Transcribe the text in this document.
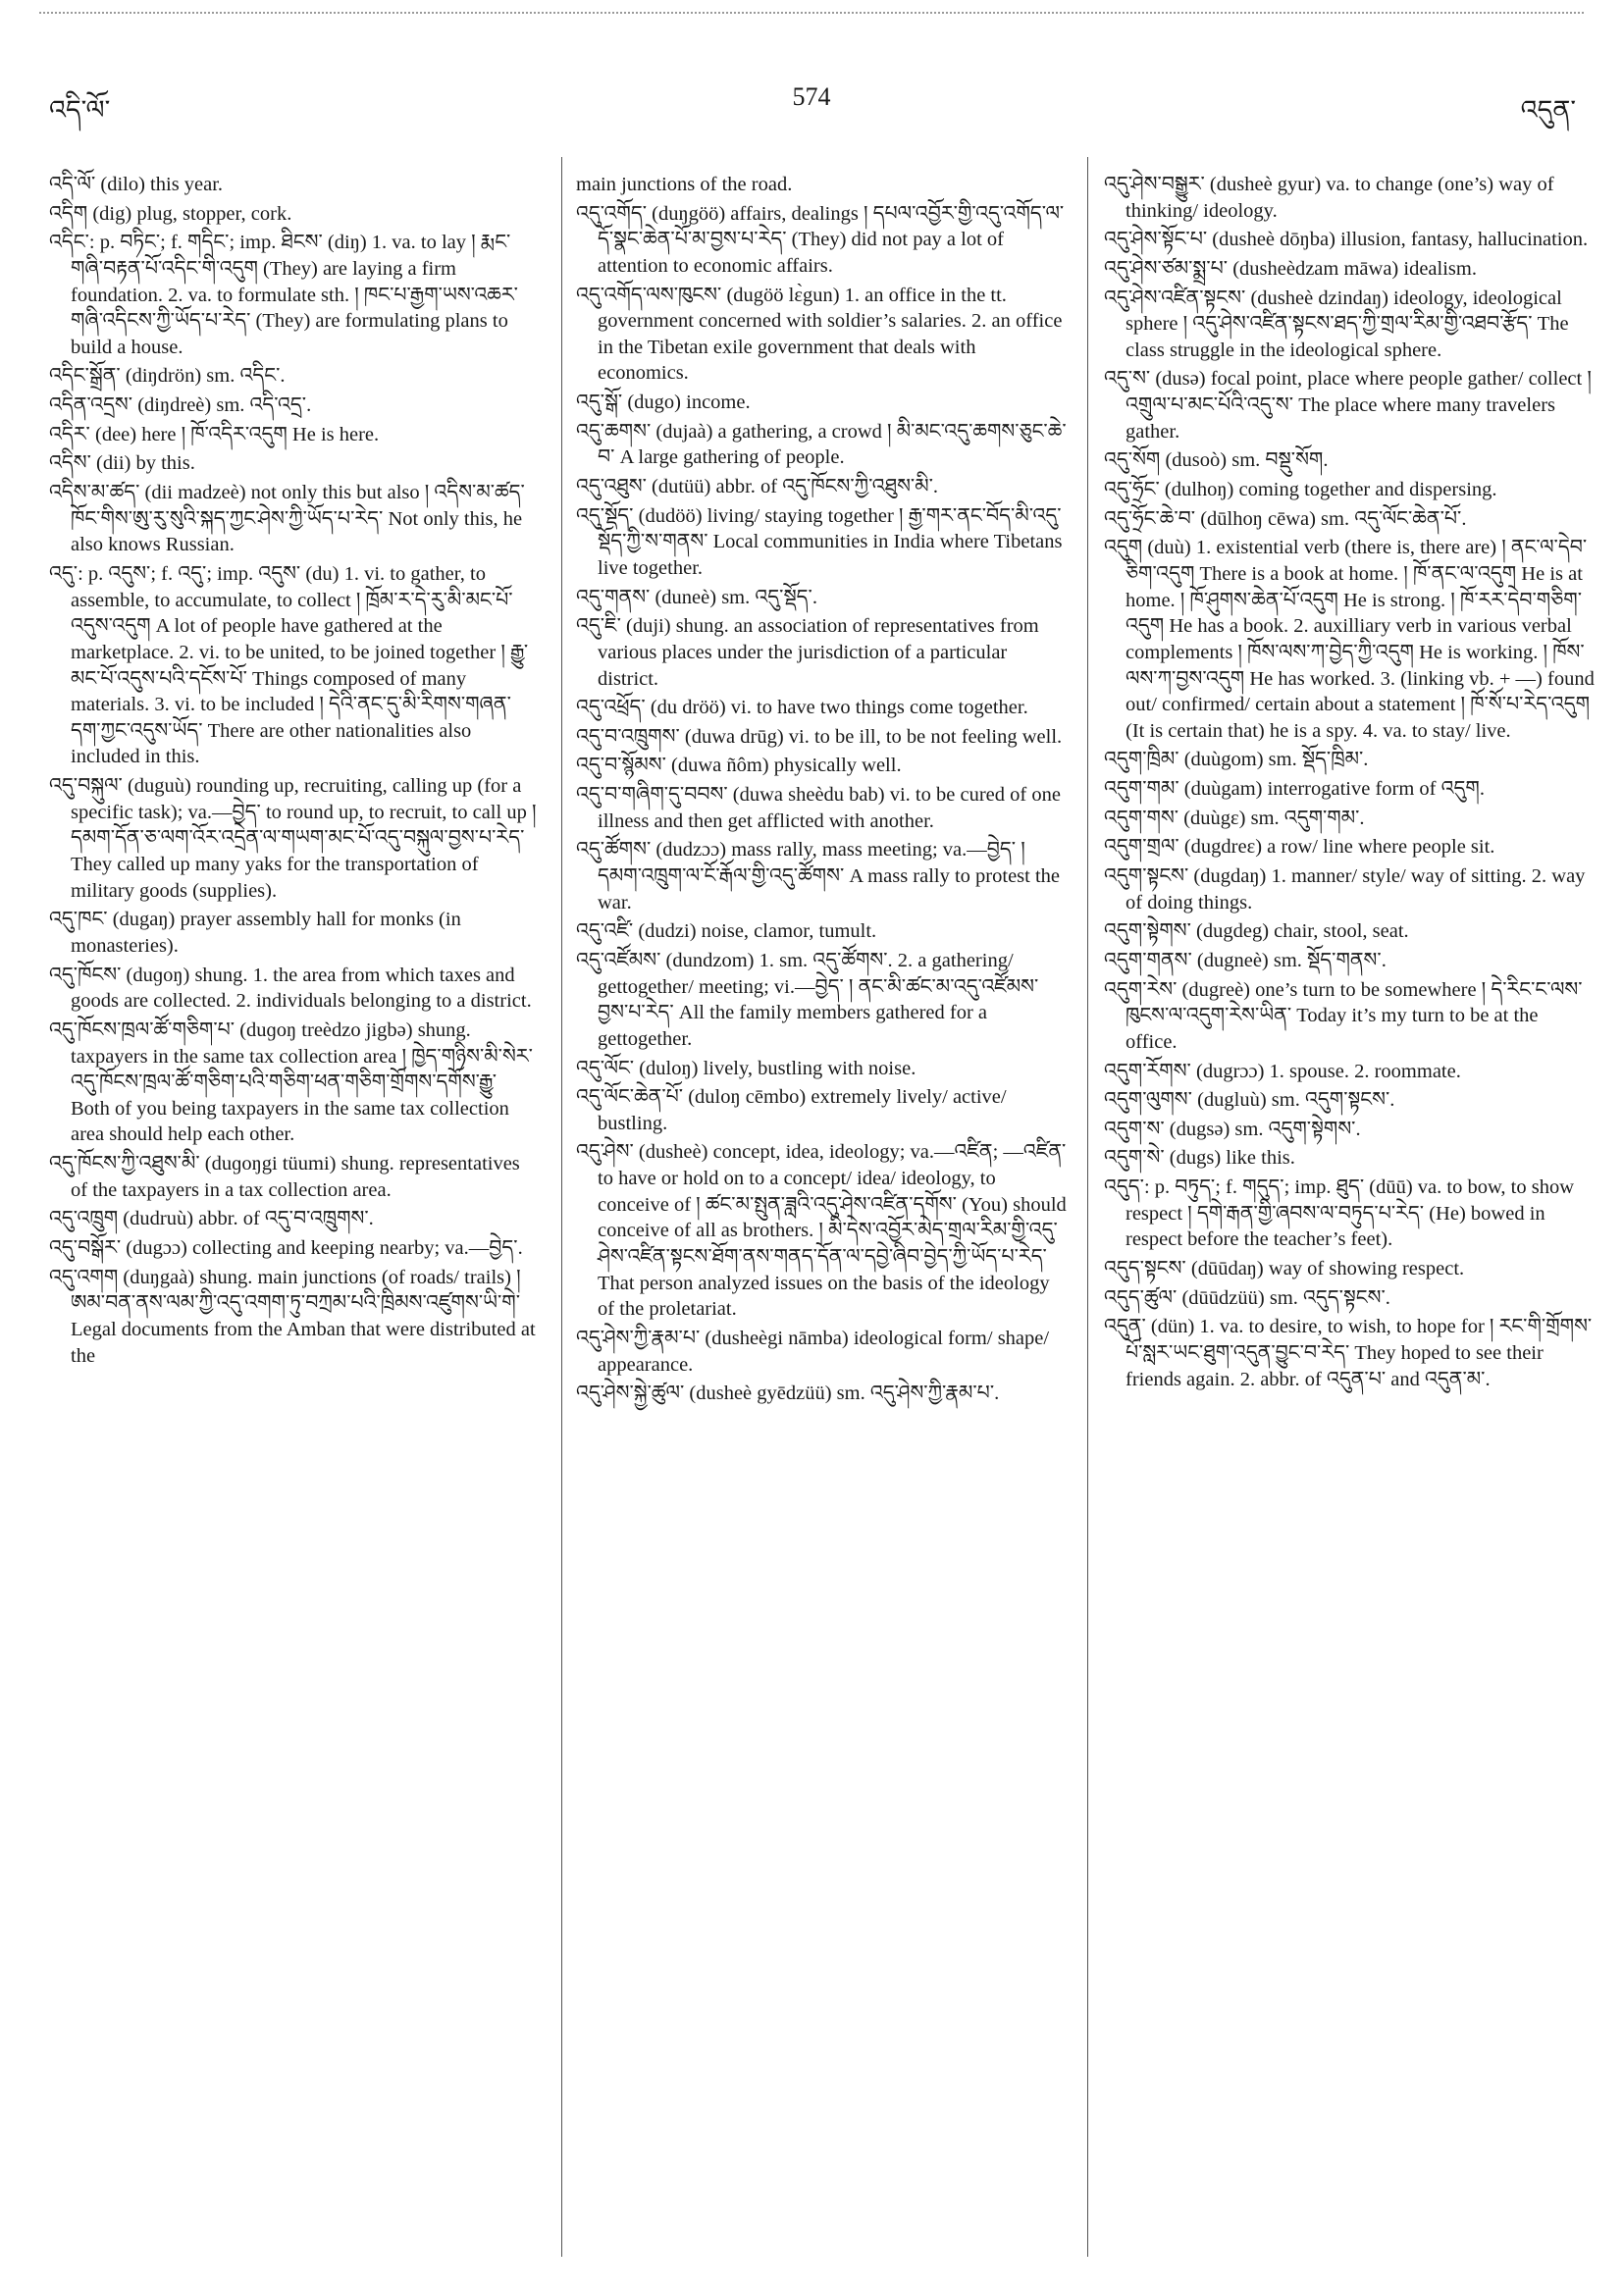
འདི་ལོ་	574	འདུན་

འདི་ལོ་ (dilo) this year.

འདིག (dig) plug, stopper, cork.

འདིང་: p. བཏིང་; f. གདིང་; imp. ཐིངས་ (diŋ) 1. va. to lay ། རྨང་གཞི་བརྟན་པོ་འདིང་གི་འདུག (They) are laying a firm foundation. 2. va. to formulate sth. ། ཁང་པ་རྒྱག་ཡས་འཆར་གཞི་འདིངས་ཀྱི་ཡོད་པ་རེད་ (They) are formulating plans to build a house.

འདིང་སྒྲོན་ (diŋdrön) sm. འདིང་.

འདིན་འདྲས་ (diŋdreè) sm. འདི་འདྲ་.

འདིར་ (dee) here ། ཁོ་འདིར་འདུག He is here.

འདིས་ (dii) by this.

འདིས་མ་ཚད་ (dii madzeè) not only this but also ། འདིས་མ་ཚད་ ཁོང་གིས་ཨུ་རུ་སུའི་སྐད་ཀྱང་ཤེས་ཀྱི་ཡོད་པ་རེད་ Not only this, he also knows Russian.

འདུ་: p. འདུས་; f. འདུ་; imp. འདུས་ (du) 1. vi. to gather, to assemble, to accumulate, to collect ། ཁྲོམ་ར་དེ་རུ་མི་མང་པོ་འདུས་འདུག A lot of people have gathered at the marketplace. 2. vi. to be united, to be joined together ། རྒྱུ་མང་པོ་འདུས་པའི་དངོས་པོ་ Things composed of many materials. 3. vi. to be included ། དེའི་ནང་དུ་མི་རིགས་གཞན་དག་ཀྱང་འདུས་ཡོད་ There are other nationalities also included in this.

འདུ་བསྐུལ་ (duguù) rounding up, recruiting, calling up (for a specific task); va.—བྱེད་ to round up, to recruit, to call up ། དམག་དོན་ཅ་ལག་འོར་འདྲེན་ལ་གཡག་མང་པོ་འདུ་བསྐུལ་བྱས་པ་རེད་ They called up many yaks for the transportation of military goods (supplies).

འདུ་ཁང་ (dugaŋ) prayer assembly hall for monks (in monasteries).

འདུ་ཁོངས་ (duɡoŋ) shung. 1. the area from which taxes and goods are collected. 2. individuals belonging to a district.

འདུ་ཁོངས་ཁྲལ་ཚོ་གཅིག་པ་ (duɡoŋ treèdzo jigbə) shung. taxpayers in the same tax collection area ། ཁྱེད་གཉིས་མི་སེར་འདུ་ཁོངས་ཁྲལ་ཚོ་གཅིག་པའི་གཅིག་ཕན་གཅིག་གྲོགས་དགོས་རྒྱུ་ Both of you being taxpayers in the same tax collection area should help each other.

འདུ་ཁོངས་ཀྱི་འཐུས་མི་ (duɡoŋgi tüumi) shung. representatives of the taxpayers in a tax collection area.

འདུ་འཁྲུག (dudruù) abbr. of འདུ་བ་འཁྲུགས་.

འདུ་བསྒོར་ (dugɔɔ) collecting and keeping nearby; va.—བྱེད་.

འདུ་འགག (duŋgaà) shung. main junctions (of roads/ trails) ། ཨམ་བན་ནས་ལམ་ཀྱི་འདུ་འགག་ཏུ་བཀྲམ་པའི་ཁྲིམས་འཛུགས་ཡི་གེ་ Legal documents from the Amban that were distributed at the

main junctions of the road.

འདུ་འགོད་ (duŋgöö) affairs, dealings ། དཔལ་འབྱོར་གྱི་འདུ་འགོད་ལ་དོ་སྣང་ཆེན་པོ་མ་བྱས་པ་རེད་ (They) did not pay a lot of attention to economic affairs.

འདུ་འགོད་ལས་ཁུངས་ (dugöö lɛ̀gun) 1. an office in the tt. government concerned with soldier’s salaries. 2. an office in the Tibetan exile government that deals with economics.

འདུ་སྒོ་ (dugo) income.

འདུ་ཆགས་ (dujaà) a gathering, a crowd ། མི་མང་འདུ་ཆགས་ཅུང་ཆེ་བ་ A large gathering of people.

འདུ་འཐུས་ (dutüü) abbr. of འདུ་ཁོངས་ཀྱི་འཐུས་མི་.

འདུ་སྡོད་ (dudöö) living/ staying together ། རྒྱ་གར་ནང་བོད་མི་འདུ་སྡོད་ཀྱི་ས་གནས་ Local communities in India where Tibetans live together.

འདུ་གནས་ (duneè) sm. འདུ་སྡོད་.

འདུ་ཇི་ (duji) shung. an association of representatives from various places under the jurisdiction of a particular district.

འདུ་འཕྲོད་ (du dröö) vi. to have two things come together.

འདུ་བ་འཁྲུགས་ (duwa drūg) vi. to be ill, to be not feeling well.

འདུ་བ་སྙོམས་ (duwa ñôm) physically well.

འདུ་བ་གཞིག་དུ་བབས་ (duwa sheèdu bab) vi. to be cured of one illness and then get afflicted with another.

འདུ་ཚོགས་ (dudzɔɔ) mass rally, mass meeting; va.—བྱེད་ ། དམག་འཁྲུག་ལ་ངོ་རྒོལ་གྱི་འདུ་ཚོགས་ A mass rally to protest the war.

འདུ་འཛི་ (dudzi) noise, clamor, tumult.

འདུ་འཛོམས་ (dundzom) 1. sm. འདུ་ཚོགས་. 2. a gathering/ gettogether/ meeting; vi.—བྱེད་ ། ནང་མི་ཚང་མ་འདུ་འཛོམས་བྱས་པ་རེད་ All the family members gathered for a gettogether.

འདུ་ལོང་ (duloŋ) lively, bustling with noise.

འདུ་ལོང་ཆེན་པོ་ (duloŋ cēmbo) extremely lively/ active/ bustling.

འདུ་ཤེས་ (dusheè) concept, idea, ideology; va.—འཛིན; —འཛིན་ to have or hold on to a concept/ idea/ ideology, to conceive of ། ཚང་མ་སྤུན་ཟླའི་འདུ་ཤེས་འཛིན་དགོས་ (You) should conceive of all as brothers. ། མི་དེས་འབྱོར་མེད་གྲལ་རིམ་གྱི་འདུ་ཤེས་འཛིན་སྟངས་ཐོག་ནས་གནད་དོན་ལ་དབྱེ་ཞིབ་བྱེད་ཀྱི་ཡོད་པ་རེད་ That person analyzed issues on the basis of the ideology of the proletariat.

འདུ་ཤེས་ཀྱི་རྣམ་པ་ (dusheègi nāmba) ideological form/ shape/ appearance.

འདུ་ཤེས་སྐྱེ་ཚུལ་ (dusheè gyēdzüü) sm. འདུ་ཤེས་ཀྱི་རྣམ་པ་.

འདུ་ཤེས་བསྒྱུར་ (dusheè gyur) va. to change (one’s) way of thinking/ ideology.

འདུ་ཤེས་སྟོང་པ་ (dusheè dōŋba) illusion, fantasy, hallucination.

འདུ་ཤེས་ཙམ་སྨྲ་པ་ (dusheèdzam māwa) idealism.

འདུ་ཤེས་འཛིན་སྟངས་ (dusheè dzindaŋ) ideology, ideological sphere ། འདུ་ཤེས་འཛིན་སྟངས་ཐད་ཀྱི་གྲལ་རིམ་གྱི་འཐབ་རྩོད་ The class struggle in the ideological sphere.

འདུ་ས་ (dusə) focal point, place where people gather/ collect ། འགྲུལ་པ་མང་པོའི་འདུ་ས་ The place where many travelers gather.

འདུ་སོག (dusoò) sm. བསྡུ་སོག.

འདུ་ཧྲོང་ (dulhoŋ) coming together and dispersing.

འདུ་ཧྲོང་ཆེ་བ་ (dūlhoŋ cēwa) sm. འདུ་ལོང་ཆེན་པོ་.

འདུག (duù) 1. existential verb (there is, there are) ། ནང་ལ་དེབ་ཅིག་འདུག There is a book at home. ། ཁོ་ནང་ལ་འདུག He is at home. ། ཁོ་ཤུགས་ཆེན་པོ་འདུག He is strong. ། ཁོ་རར་དེབ་གཅིག་འདུག He has a book. 2. auxilliary verb in various verbal complements ། ཁོས་ལས་ཀ་བྱེད་ཀྱི་འདུག He is working. ། ཁོས་ལས་ཀ་བྱས་འདུག He has worked. 3. (linking vb. + —) found out/ confirmed/ certain about a statement ། ཁོ་སོ་པ་རེད་འདུག (It is certain that) he is a spy. 4. va. to stay/ live.

འདུག་ཁྲིམ་ (duùgom) sm. སྡོད་ཁྲིམ་.

འདུག་གམ་ (duùgam) interrogative form of འདུག.

འདུག་གས་ (duùgɛ) sm. འདུག་གམ་.

འདུག་གྲལ་ (dugdreɛ) a row/ line where people sit.

འདུག་སྟངས་ (dugdaŋ) 1. manner/ style/ way of sitting. 2. way of doing things.

འདུག་སྟེགས་ (dugdeg) chair, stool, seat.

འདུག་གནས་ (dugneè) sm. སྡོད་གནས་.

འདུག་རེས་ (dugreè) one’s turn to be somewhere ། དེ་རིང་ང་ལས་ཁུངས་ལ་འདུག་རེས་ཡིན་ Today it’s my turn to be at the office.

འདུག་རོགས་ (dugrɔɔ) 1. spouse. 2. roommate.

འདུག་ལུགས་ (dugluù) sm. འདུག་སྟངས་.

འདུག་ས་ (dugsə) sm. འདུག་སྟེགས་.

འདུག་སེ་ (dugs) like this.

འདུད་: p. བཏུད་; f. གདུད་; imp. ཐུད་ (dūū) va. to bow, to show respect ། དགེ་རྒན་གྱི་ཞབས་ལ་བཏུད་པ་རེད་ (He) bowed in respect before the teacher’s feet).

འདུད་སྟངས་ (dūūdaŋ) way of showing respect.

འདུད་ཚུལ་ (dūūdzüü) sm. འདུད་སྟངས་.

འདུན་ (dün) 1. va. to desire, to wish, to hope for ། རང་གི་གྲོགས་པོ་སླར་ཡང་ཐུག་འདུན་བྱུང་བ་རེད་ They hoped to see their friends again. 2. abbr. of འདུན་པ་ and འདུན་མ་.
